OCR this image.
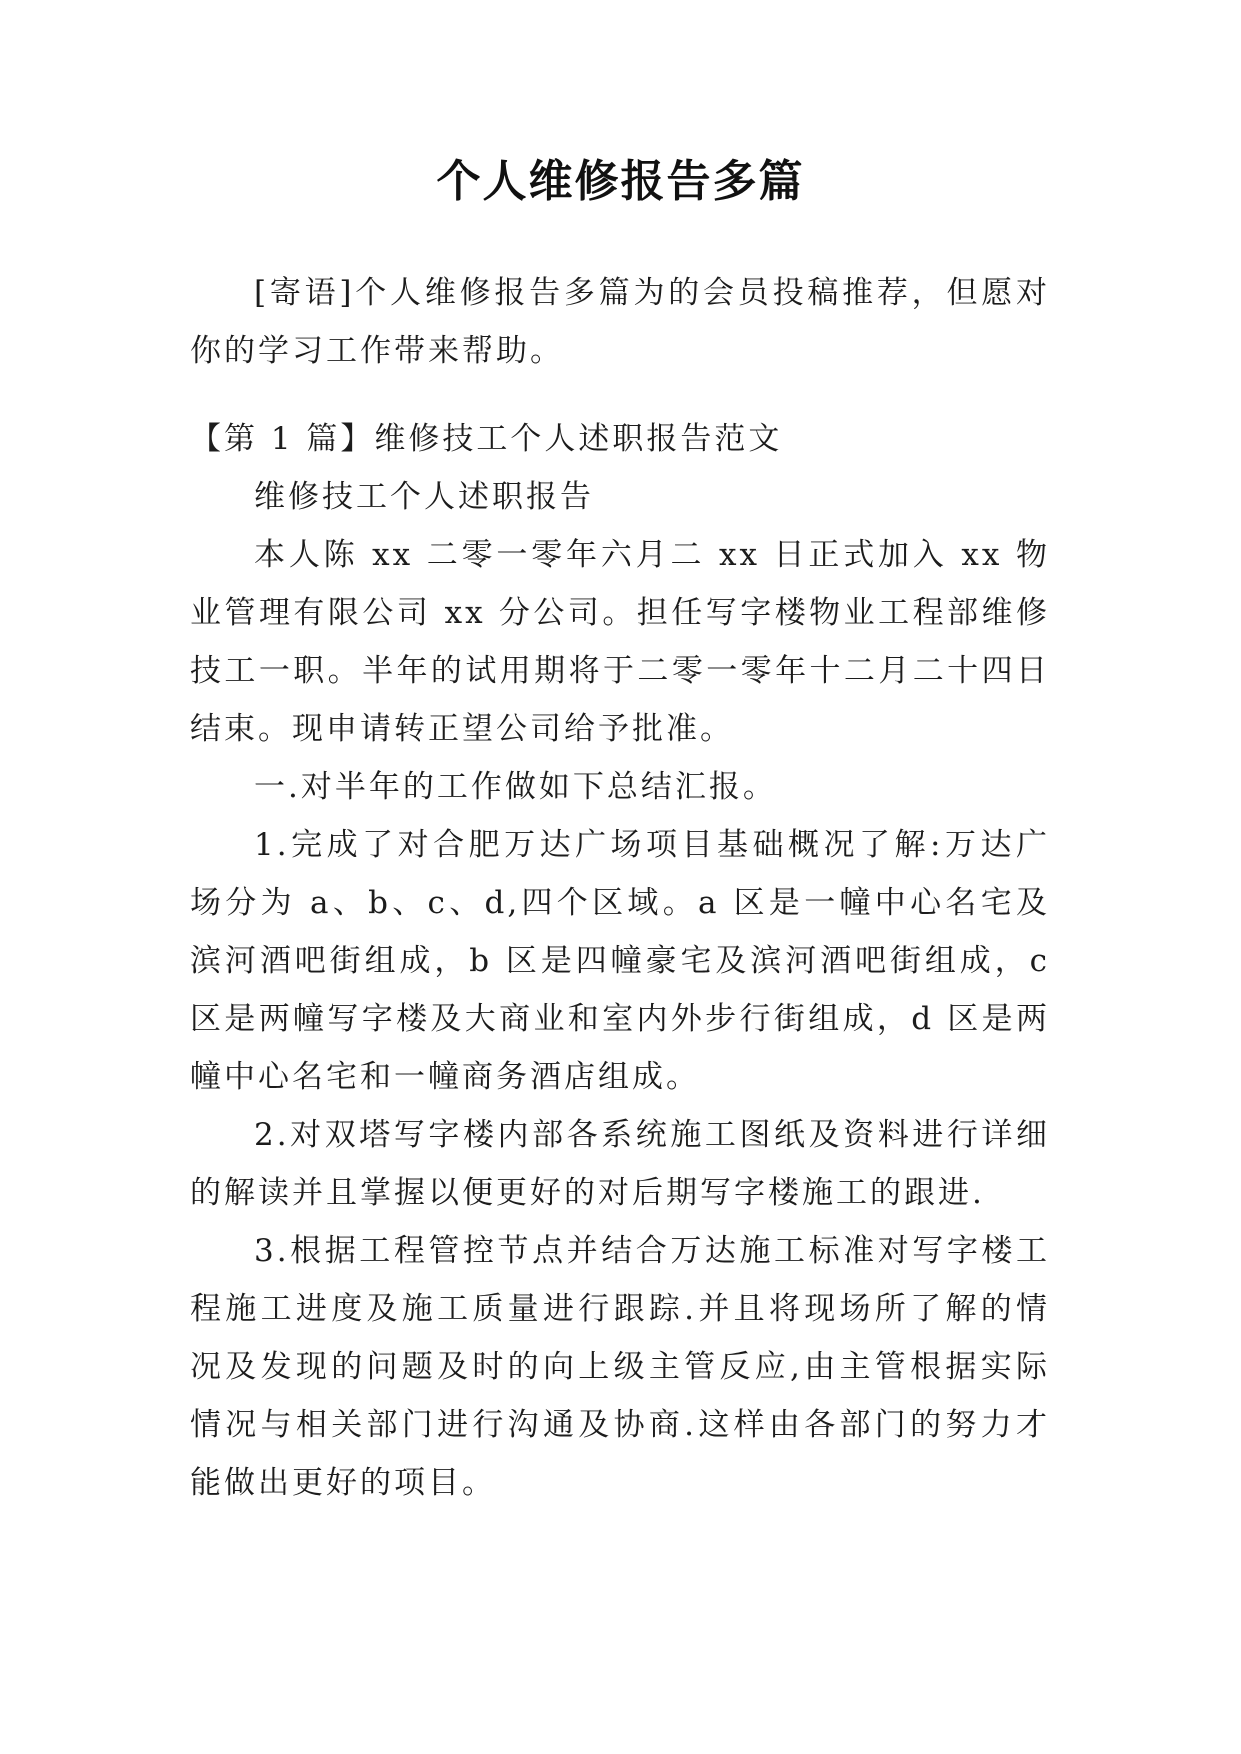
个人维修报告多篇

[寄语]个人维修报告多篇为的会员投稿推荐，但愿对你的学习工作带来帮助。

【第 1 篇】维修技工个人述职报告范文

维修技工个人述职报告

本人陈 xx 二零一零年六月二 xx 日正式加入 xx 物业管理有限公司 xx 分公司。担任写字楼物业工程部维修技工一职。半年的试用期将于二零一零年十二月二十四日结束。现申请转正望公司给予批准。

一.对半年的工作做如下总结汇报。

1.完成了对合肥万达广场项目基础概况了解:万达广场分为 a、b、c、d,四个区域。a 区是一幢中心名宅及滨河酒吧街组成，b 区是四幢豪宅及滨河酒吧街组成，c 区是两幢写字楼及大商业和室内外步行街组成，d 区是两幢中心名宅和一幢商务酒店组成。

2.对双塔写字楼内部各系统施工图纸及资料进行详细的解读并且掌握以便更好的对后期写字楼施工的跟进.

3.根据工程管控节点并结合万达施工标准对写字楼工程施工进度及施工质量进行跟踪.并且将现场所了解的情况及发现的问题及时的向上级主管反应,由主管根据实际情况与相关部门进行沟通及协商.这样由各部门的努力才能做出更好的项目。
